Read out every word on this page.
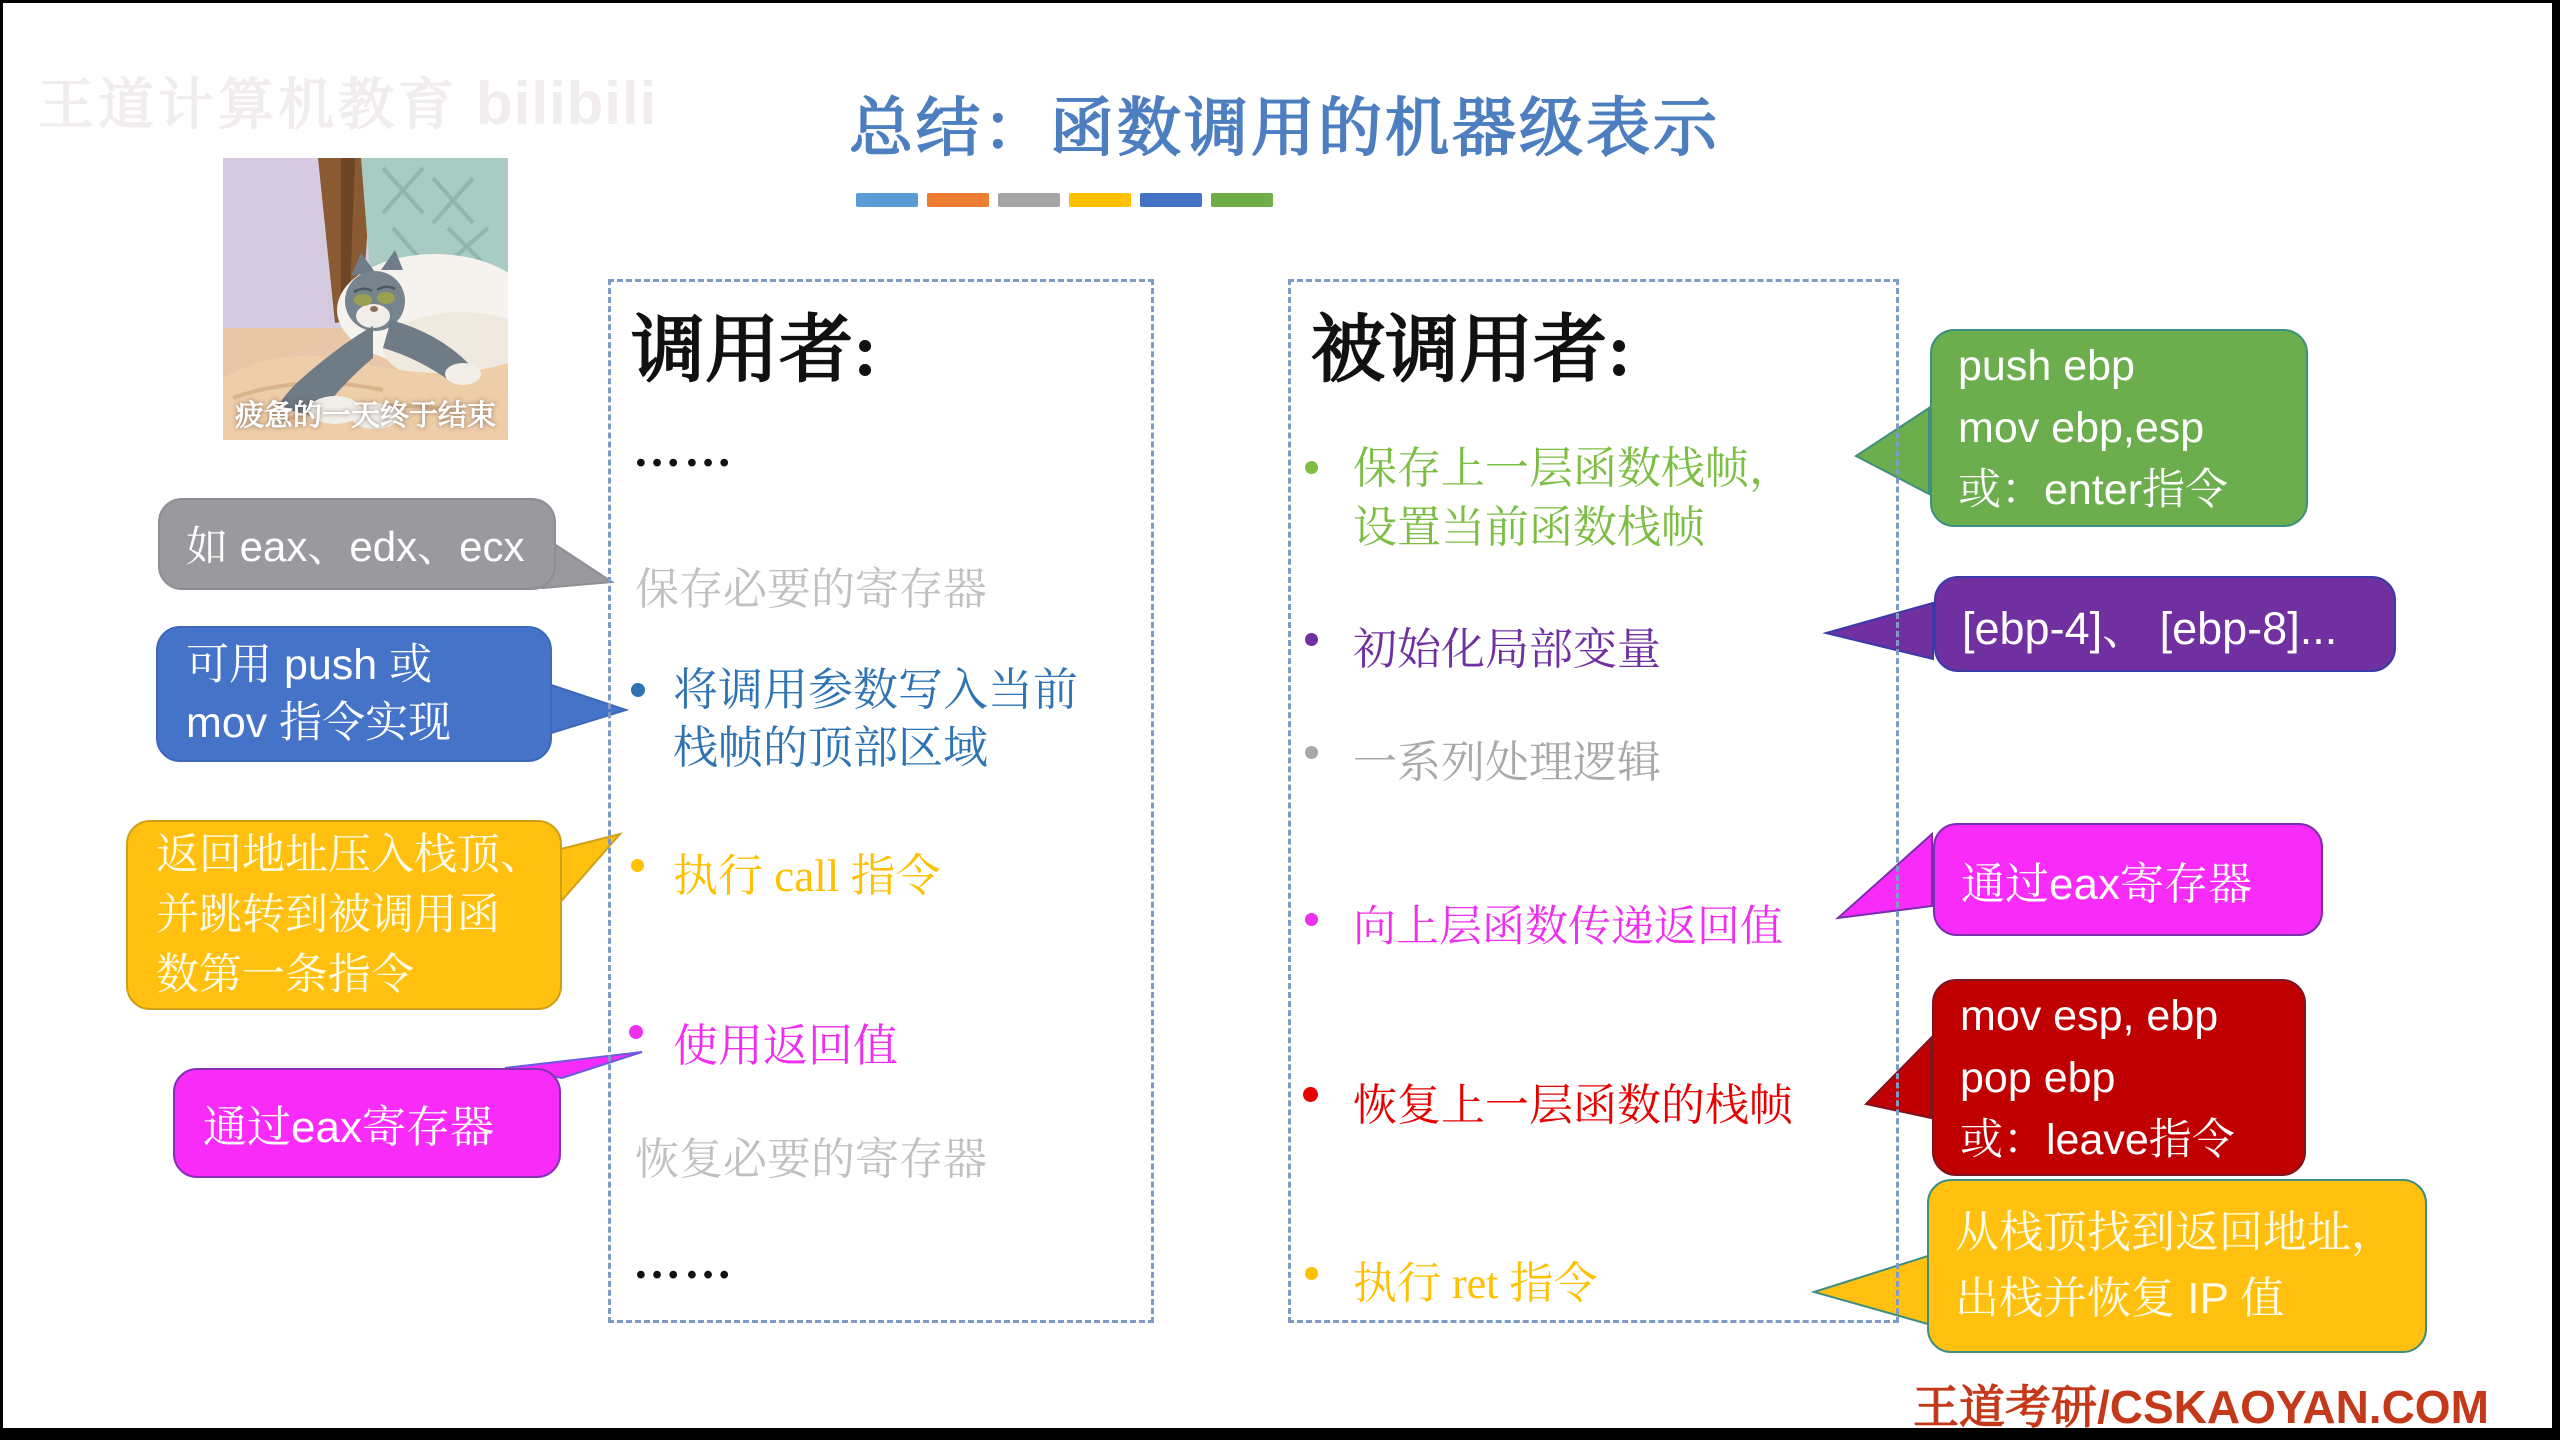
王道计算机教育 bilibili	总结：函数调用的机器级表示
疲惫的一天终于结束
调用者:
……
保存必要的寄存器
将调用参数写入当前
栈帧的顶部区域
执行 call 指令
使用返回值
恢复必要的寄存器
……
被调用者:
保存上一层函数栈帧，
设置当前函数栈帧
初始化局部变量
一系列处理逻辑
向上层函数传递返回值
恢复上一层函数的栈帧
执行 ret 指令
如 eax、edx、ecx
可用 push 或
mov 指令实现
返回地址压入栈顶、
并跳转到被调用函
数第一条指令
通过eax寄存器
push ebp
mov ebp,esp
或：enter指令
[ebp-4]、 [ebp-8]...
通过eax寄存器
mov esp, ebp
pop ebp
或：leave指令
从栈顶找到返回地址，
出栈并恢复 IP 值
王道考研/CSKAOYAN.COM
